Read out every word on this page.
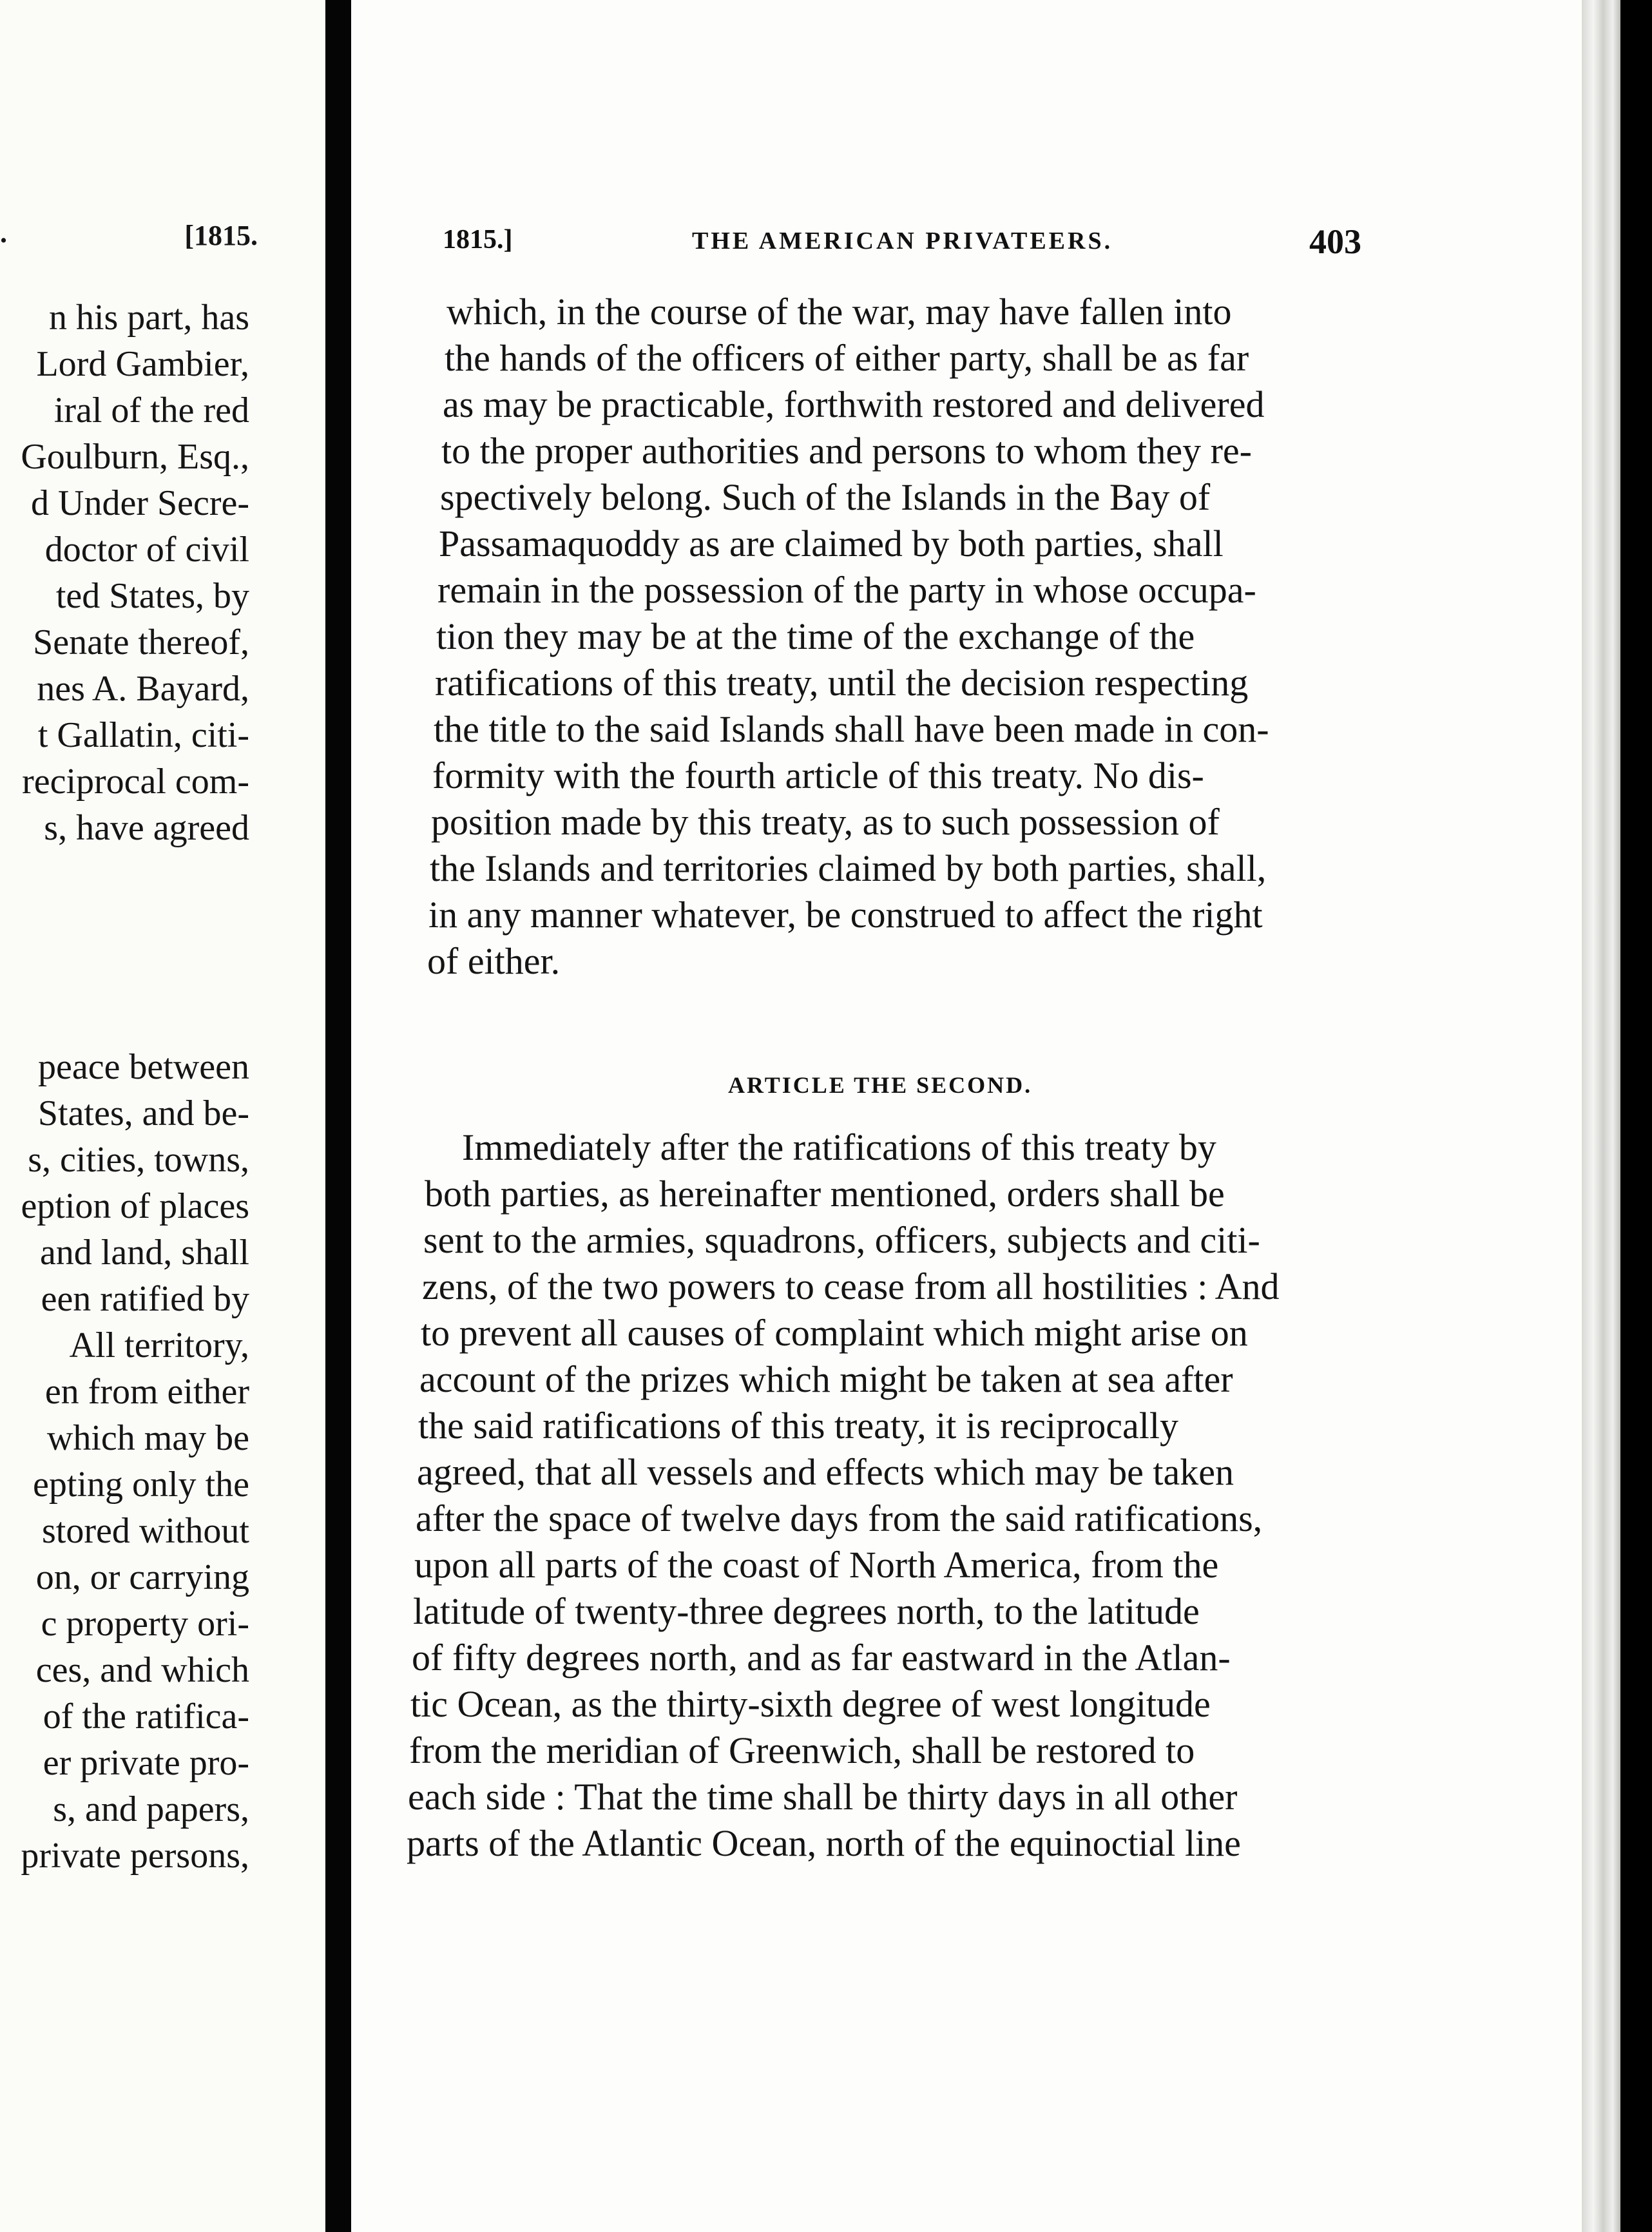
.	[1815.
n his part, has
Lord Gambier,
iral of the red
Goulburn, Esq.,
d Under Secre-
doctor of civil
ted States, by
Senate thereof,
nes A. Bayard,
t Gallatin, citi-
reciprocal com-
s, have agreed
peace between
States, and be-
s, cities, towns,
eption of places
and land, shall
een ratified by
All territory,
en from either
which may be
epting only the
stored without
on, or carrying
c property ori-
ces, and which
of the ratifica-
er private pro-
s, and papers,
private persons,
1815.]	THE AMERICAN PRIVATEERS.	403
which, in the course of the war, may have fallen into
the hands of the officers of either party, shall be as far
as may be practicable, forthwith restored and delivered
to the proper authorities and persons to whom they re-
spectively belong. Such of the Islands in the Bay of
Passamaquoddy as are claimed by both parties, shall
remain in the possession of the party in whose occupa-
tion they may be at the time of the exchange of the
ratifications of this treaty, until the decision respecting
the title to the said Islands shall have been made in con-
formity with the fourth article of this treaty. No dis-
position made by this treaty, as to such possession of
the Islands and territories claimed by both parties, shall,
in any manner whatever, be construed to affect the right
of either.
ARTICLE THE SECOND.
Immediately after the ratifications of this treaty by
both parties, as hereinafter mentioned, orders shall be
sent to the armies, squadrons, officers, subjects and citi-
zens, of the two powers to cease from all hostilities : And
to prevent all causes of complaint which might arise on
account of the prizes which might be taken at sea after
the said ratifications of this treaty, it is reciprocally
agreed, that all vessels and effects which may be taken
after the space of twelve days from the said ratifications,
upon all parts of the coast of North America, from the
latitude of twenty-three degrees north, to the latitude
of fifty degrees north, and as far eastward in the Atlan-
tic Ocean, as the thirty-sixth degree of west longitude
from the meridian of Greenwich, shall be restored to
each side : That the time shall be thirty days in all other
parts of the Atlantic Ocean, north of the equinoctial line
